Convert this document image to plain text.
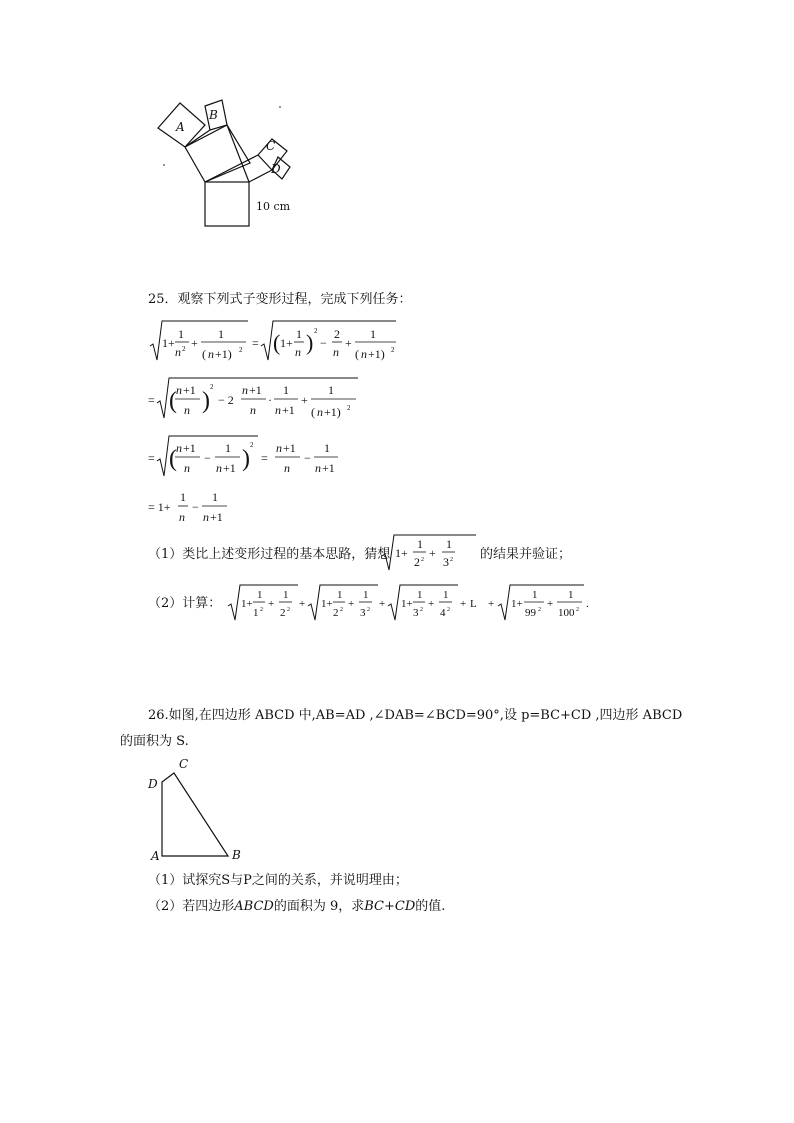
A
B
C
D
10 cm
25．观察下列式子变形过程，完成下列任务：
1+
1
n 2 +
1
( n +1) 2 = ( 1+
1
n ) 2
−
2
n
+
1
( n +1) 2
= ( n +1
n )
2
− 2
n +1
n
·
1
n +1
+
1
( n +1) 2
= ( n +1
n
−
1
n +1 )
2
=
n +1
n
−
1
n +1
= 1+
1
n
−
1
n +1
（1）类比上述变形过程的基本思路，猜想 1+
1
2 2 +
1
3 2 的结果并验证；
（2）计算： 1+
1
1 2 +
1
2 2 + 1+
1
2 2 +
1
3 2 + 1+
1
3 2 +
1
4 2 + L + 1+
1
99 2 +
1
100 2 .
26.如图,在四边形 ABCD 中,AB=AD ,∠DAB=∠BCD=90°,设 p=BC+CD ,四边形 ABCD
的面积为 S.
C
D
A	B
（1）试探究S与P之间的关系，并说明理由；
（2）若四边形ABCD的面积为 9，求BC+CD的值.
